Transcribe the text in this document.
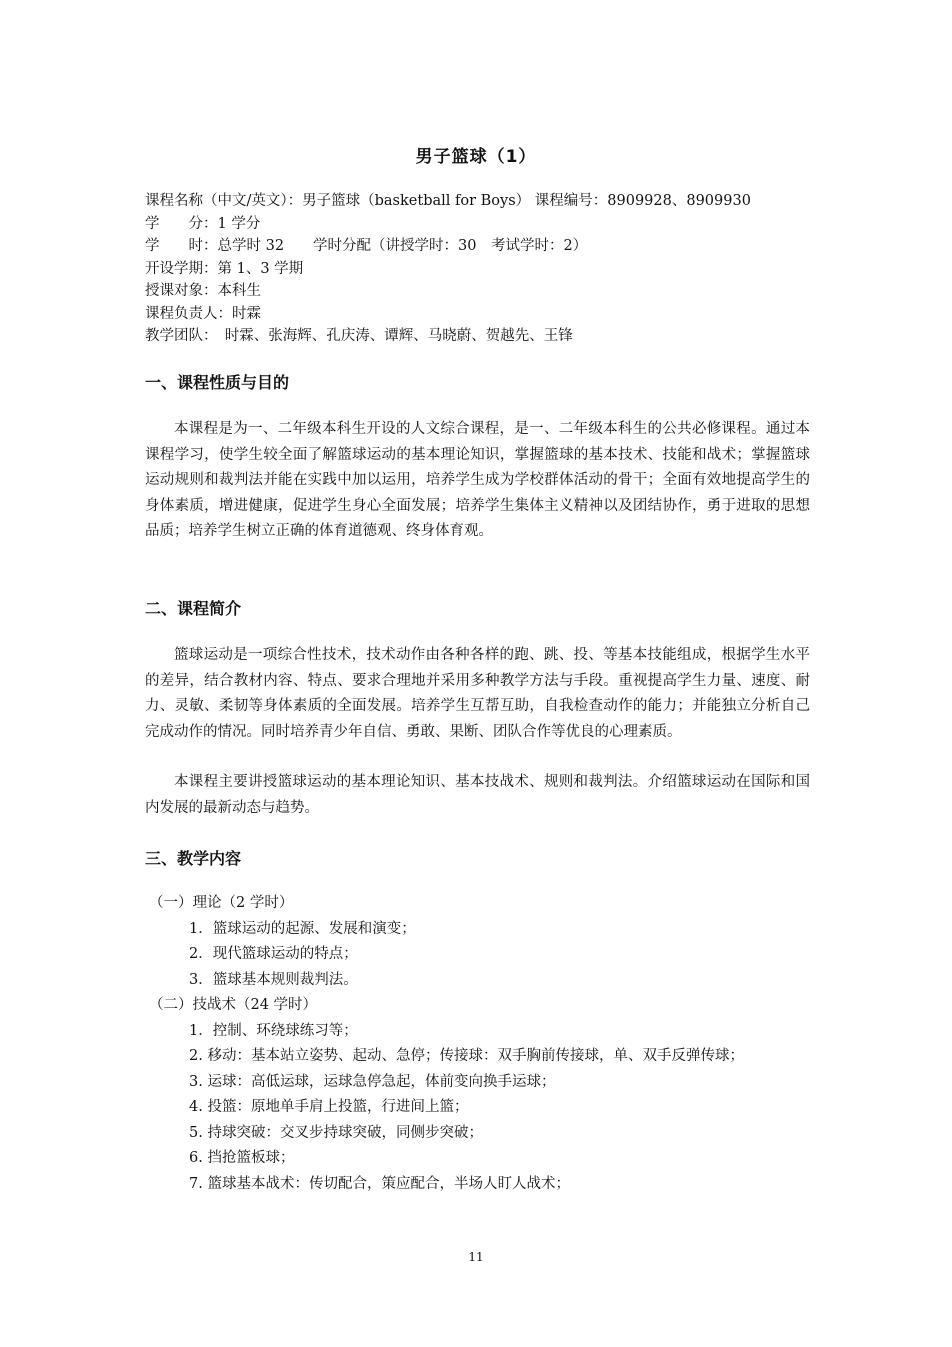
男子篮球（1）
课程名称（中文/英文）：男子篮球（basketball for Boys） 课程编号：8909928、8909930
学　　分：1 学分
学　　时：总学时 32　　学时分配（讲授学时：30　考试学时：2）
开设学期：第 1、3 学期
授课对象：本科生
课程负责人：时霖
教学团队：　时霖、张海辉、孔庆涛、谭辉、马晓蔚、贺越先、王锋
一、课程性质与目的

本课程是为一、二年级本科生开设的人文综合课程，是一、二年级本科生的公共必修课程。通过本课程学习，使学生较全面了解篮球运动的基本理论知识，掌握篮球的基本技术、技能和战术；掌握篮球运动规则和裁判法并能在实践中加以运用，培养学生成为学校群体活动的骨干；全面有效地提高学生的身体素质，增进健康，促进学生身心全面发展；培养学生集体主义精神以及团结协作，勇于进取的思想品质；培养学生树立正确的体育道德观、终身体育观。

二、课程简介

篮球运动是一项综合性技术，技术动作由各种各样的跑、跳、投、等基本技能组成，根据学生水平的差异，结合教材内容、特点、要求合理地并采用多种教学方法与手段。重视提高学生力量、速度、耐力、灵敏、柔韧等身体素质的全面发展。培养学生互帮互助，自我检查动作的能力；并能独立分析自己完成动作的情况。同时培养青少年自信、勇敢、果断、团队合作等优良的心理素质。

本课程主要讲授篮球运动的基本理论知识、基本技战术、规则和裁判法。介绍篮球运动在国际和国内发展的最新动态与趋势。

三、教学内容
（一）理论（2 学时）
1．篮球运动的起源、发展和演变；
2．现代篮球运动的特点；
3．篮球基本规则裁判法。
（二）技战术（24 学时）
1．控制、环绕球练习等；
2. 移动：基本站立姿势、起动、急停；传接球：双手胸前传接球，单、双手反弹传球；
3. 运球：高低运球，运球急停急起，体前变向换手运球；
4. 投篮：原地单手肩上投篮，行进间上篮；
5. 持球突破：交叉步持球突破，同侧步突破；
6. 挡抢篮板球；
7. 篮球基本战术：传切配合，策应配合，半场人盯人战术；
11
